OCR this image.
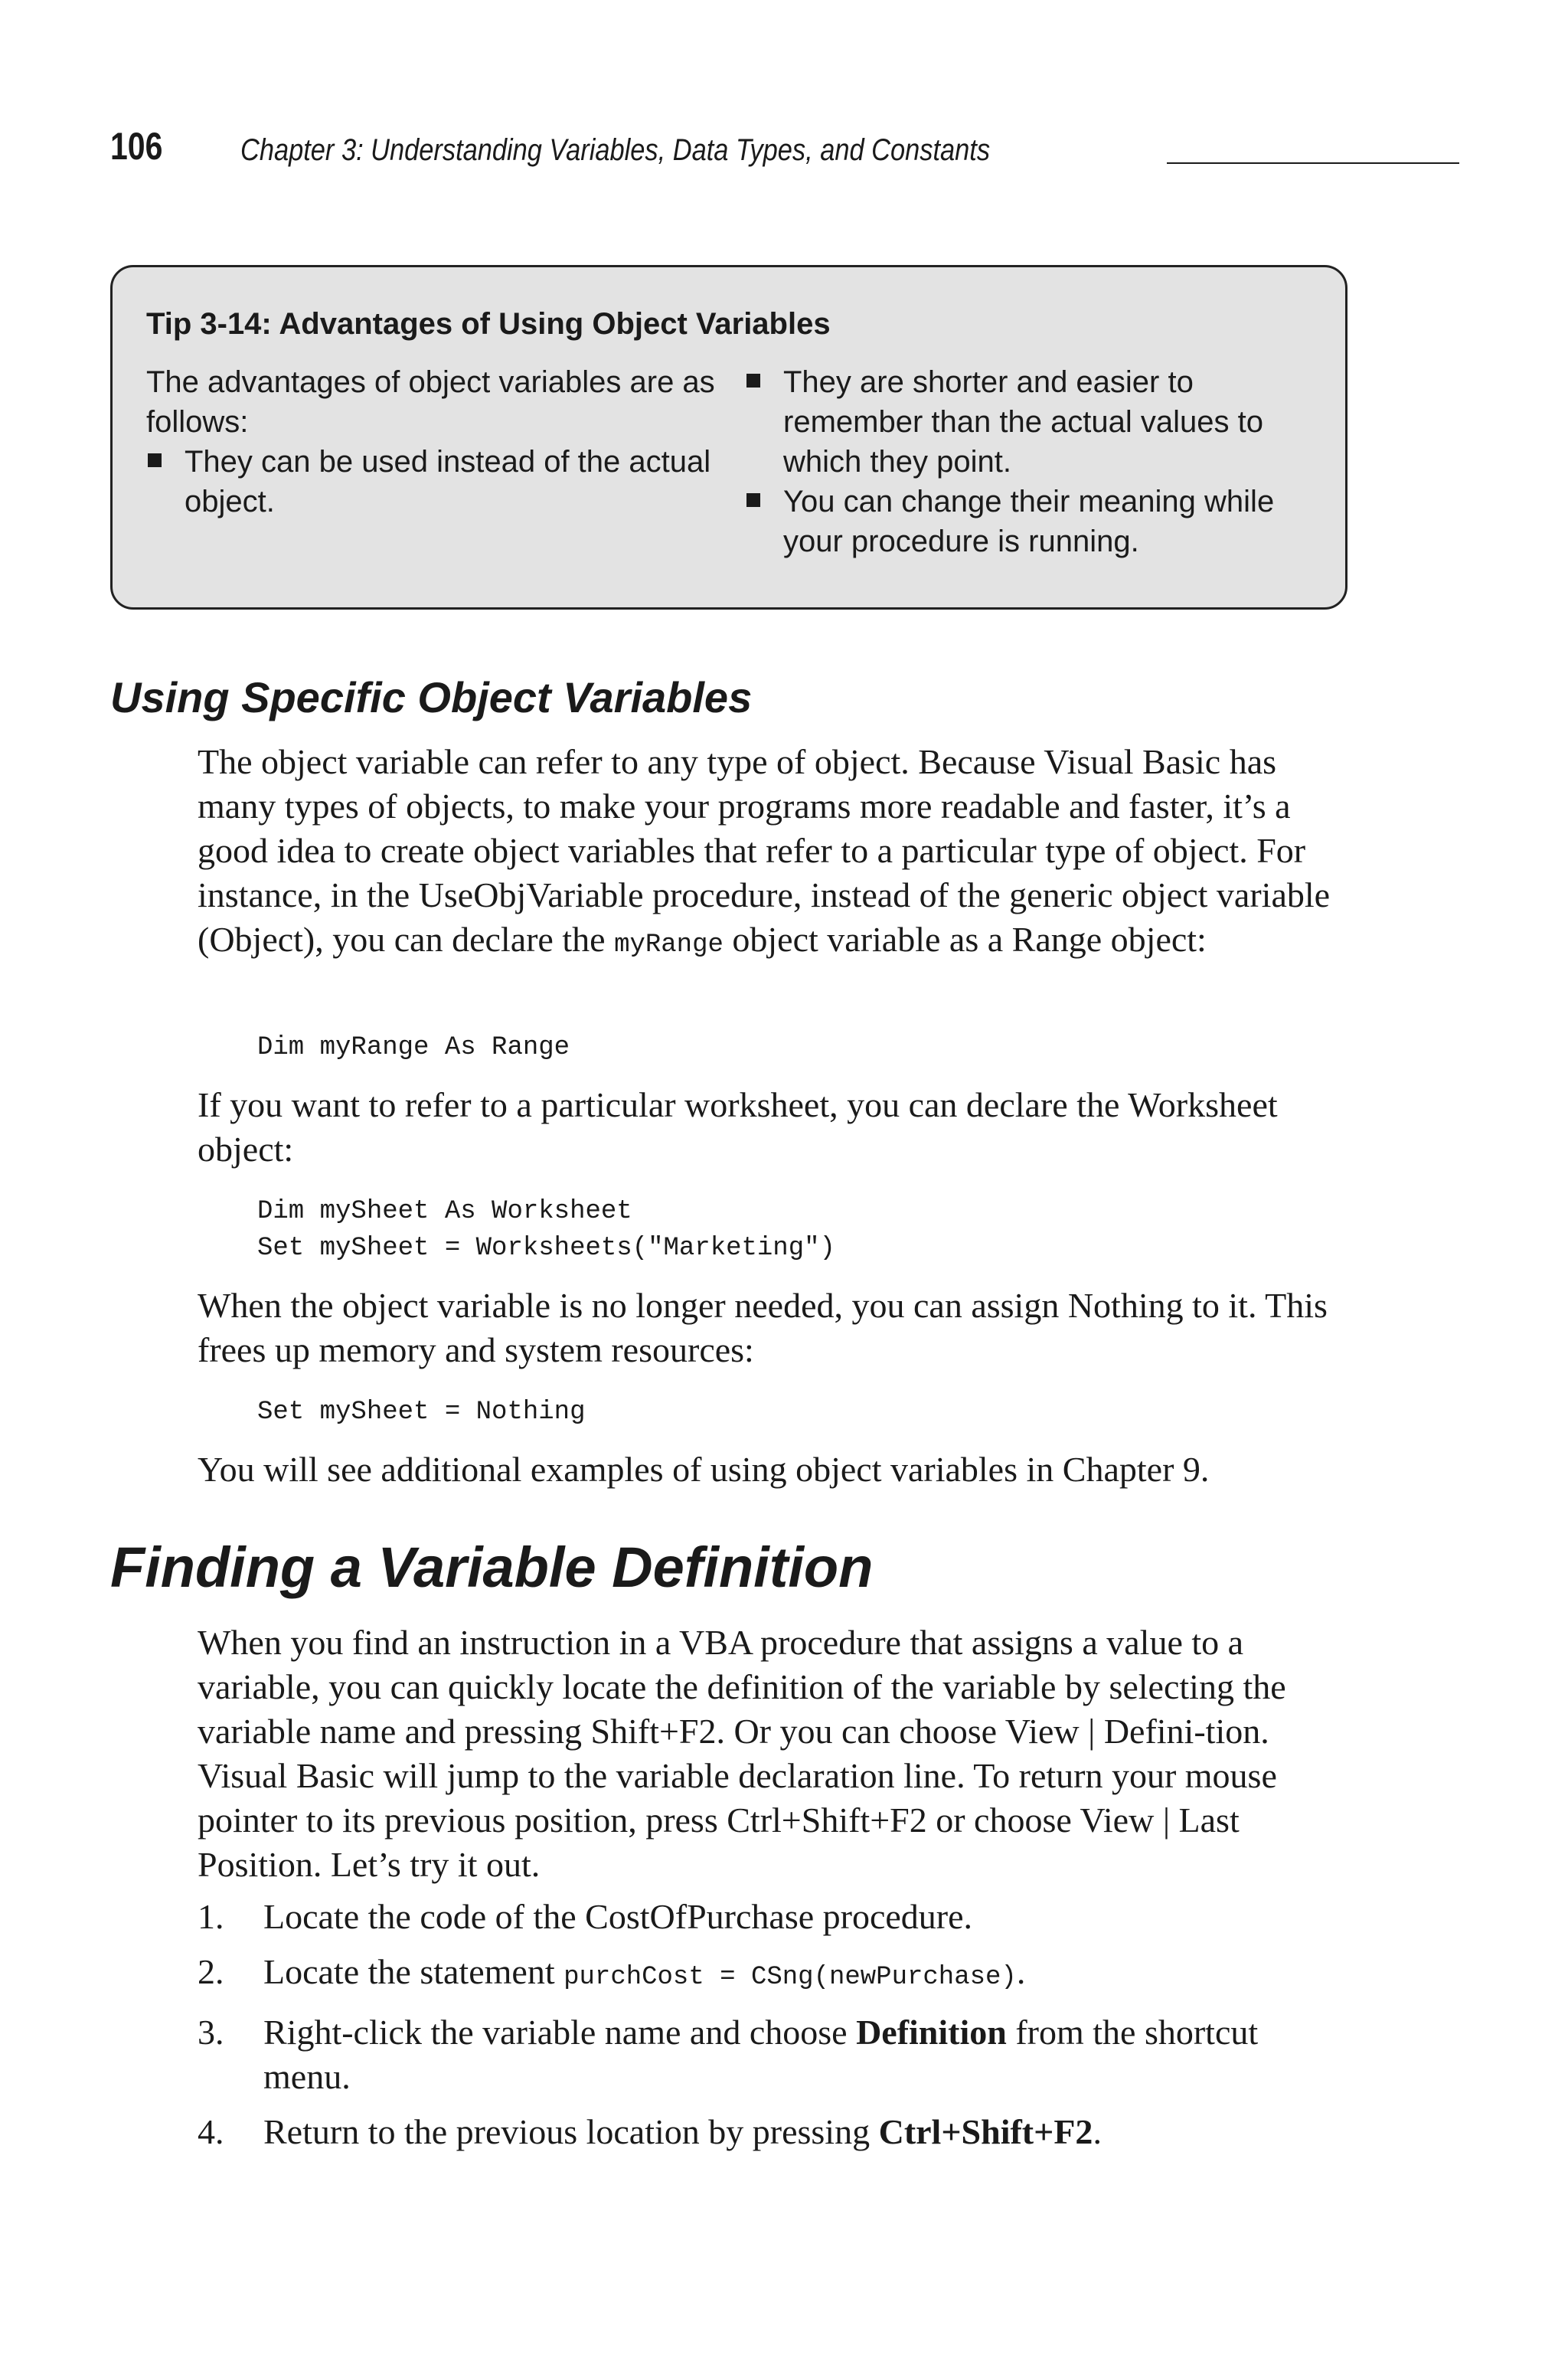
106	Chapter 3: Understanding Variables, Data Types, and Constants
Tip 3-14: Advantages of Using Object Variables

The advantages of object variables are as follows:

They can be used instead of the actual object.
They are shorter and easier to remember than the actual values to which they point.
You can change their meaning while your procedure is running.
Using Specific Object Variables

The object variable can refer to any type of object. Because Visual Basic has many types of objects, to make your programs more readable and faster, it’s a good idea to create object variables that refer to a particular type of object. For instance, in the UseObjVariable procedure, instead of the generic object variable (Object), you can declare the myRange object variable as a Range object:

Dim myRange As Range

If you want to refer to a particular worksheet, you can declare the Worksheet object:

Dim mySheet As Worksheet
Set mySheet = Worksheets("Marketing")

When the object variable is no longer needed, you can assign Nothing to it. This frees up memory and system resources:

Set mySheet = Nothing

You will see additional examples of using object variables in Chapter 9.

Finding a Variable Definition

When you find an instruction in a VBA procedure that assigns a value to a variable, you can quickly locate the definition of the variable by selecting the variable name and pressing Shift+F2. Or you can choose View | Defini-tion. Visual Basic will jump to the variable declaration line. To return your mouse pointer to its previous position, press Ctrl+Shift+F2 or choose View | Last Position. Let’s try it out.

1. Locate the code of the CostOfPurchase procedure.
2. Locate the statement purchCost = CSng(newPurchase).
3. Right-click the variable name and choose Definition from the shortcut menu.
4. Return to the previous location by pressing Ctrl+Shift+F2.
